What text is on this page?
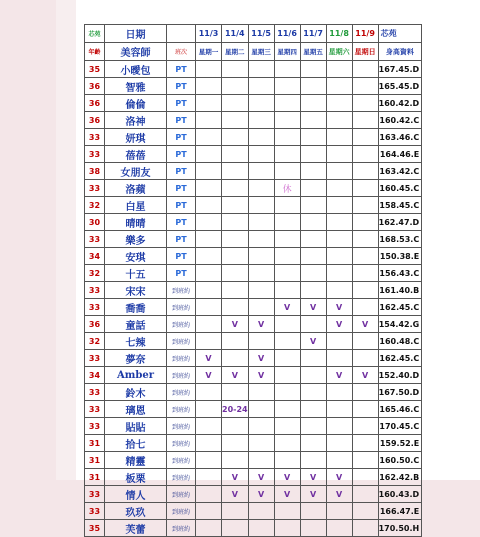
芯苑	日期		11/3	11/4	11/5	11/6	11/7	11/8	11/9	芯苑
年齡	美容師	班次	星期一	星期二	星期三	星期四	星期五	星期六	星期日	身高資料
35	小曖包	PT								167.45.D
36	智雅	PT								165.45.D
36	倫倫	PT								160.42.D
36	洛神	PT								160.42.C
33	妍琪	PT								163.46.C
33	蓓蓓	PT								164.46.E
38	女朋友	PT								163.42.C
33	洛蘋	PT				休				160.45.C
32	白星	PT								158.45.C
30	晴晴	PT								162.47.D
33	樂多	PT								168.53.C
34	安琪	PT								150.38.E
32	十五	PT								156.43.C
33	宋宋	到班約								161.40.B
33	喬喬	到班約				V	V	V		162.45.C
36	童話	到班約		V	V			V	V	154.42.G
32	七辣	到班約					V			160.48.C
33	夢奈	到班約	V		V					162.45.C
34	Amber	到班約	V	V	V			V	V	152.40.D
33	鈴木	到班約								167.50.D
33	璃恩	到班約		20-24						165.46.C
33	貼貼	到班約								170.45.C
31	拾七	到班約								159.52.E
31	精靈	到班約								160.50.C
31	板栗	到班約		V	V	V	V	V		162.42.B
33	情人	到班約		V	V	V	V	V		160.43.D
33	玖玖	到班約								166.47.E
35	芙蕾	到班約								170.50.H
